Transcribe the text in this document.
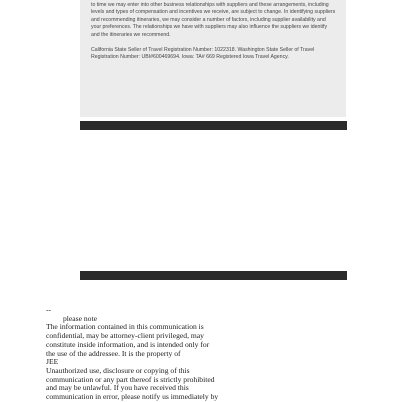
to time we may enter into other business relationships with suppliers and these arrangements, including levels and types of compensation and incentives we receive, are subject to change. In identifying suppliers and recommending itineraries, we may consider a number of factors, including supplier availability and your preferences. The relationships we have with suppliers may also influence the suppliers we identify and the itineraries we recommend.

California State Seller of Travel Registration Number: 1022318. Washington State Seller of Travel Registration Number: UBI#600469694. Iowa: TA# 669 Registered Iowa Travel Agency.

--
please note
The information contained in this communication is
confidential, may be attorney-client privileged, may
constitute inside information, and is intended only for
the use of the addressee. It is the property of
JEE
Unauthorized use, disclosure or copying of this
communication or any part thereof is strictly prohibited
and may be unlawful. If you have received this
communication in error, please notify us immediately by
